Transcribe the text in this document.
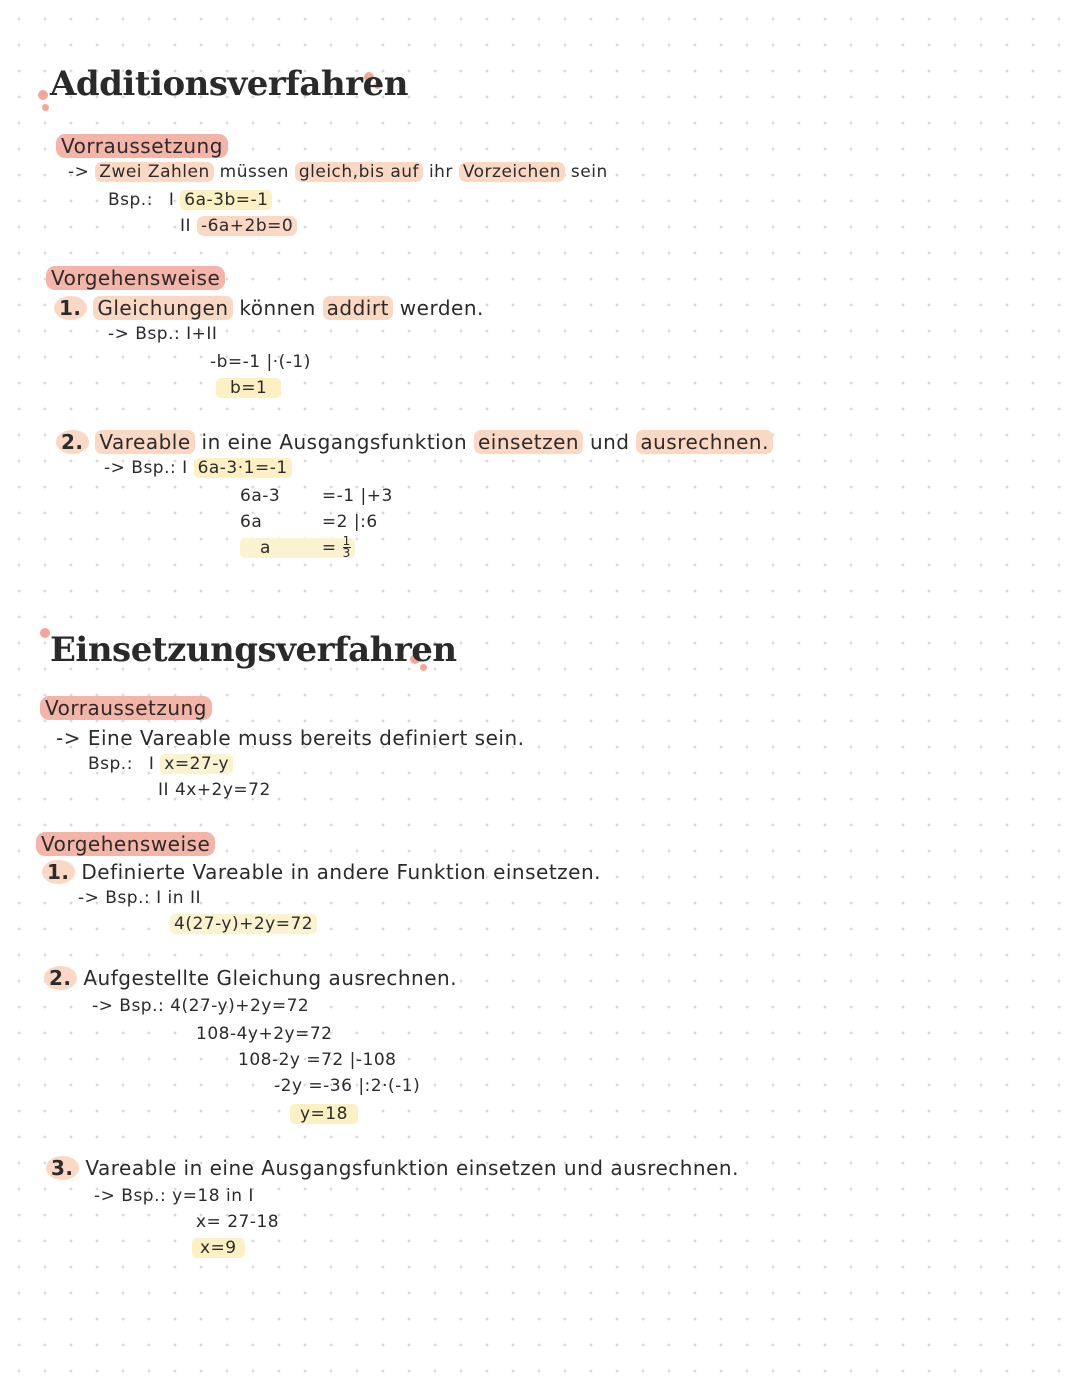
Additionsverfahren
Vorraussetzung
-> Zwei Zahlen müssen gleich,bis auf ihr Vorzeichen sein
Bsp.: I 6a-3b=-1
II -6a+2b=0
Vorgehensweise
1. Gleichungen können addirt werden.
-> Bsp.: I+II
-b=-1 |·(-1)
b=1
2. Vareable in eine Ausgangsfunktion einsetzen und ausrechnen.
-> Bsp.: I 6a-3·1=-1
6a-3 =-1 |+3
6a	=2 |:6
a	= $\frac{1}{3}$
Einsetzungsverfahren
Vorraussetzung
-> Eine Vareable muss bereits definiert sein.
Bsp.: I x=27-y
II 4x+2y=72
Vorgehensweise
1. Definierte Vareable in andere Funktion einsetzen.
-> Bsp.: I in II
4(27-y)+2y=72
2. Aufgestellte Gleichung ausrechnen.
-> Bsp.: 4(27-y)+2y=72
108-4y+2y=72
108-2y =72 |-108
-2y =-36 |:2·(-1)
y=18
3. Vareable in eine Ausgangsfunktion einsetzen und ausrechnen.
-> Bsp.: y=18 in I
x= 27-18
x=9
